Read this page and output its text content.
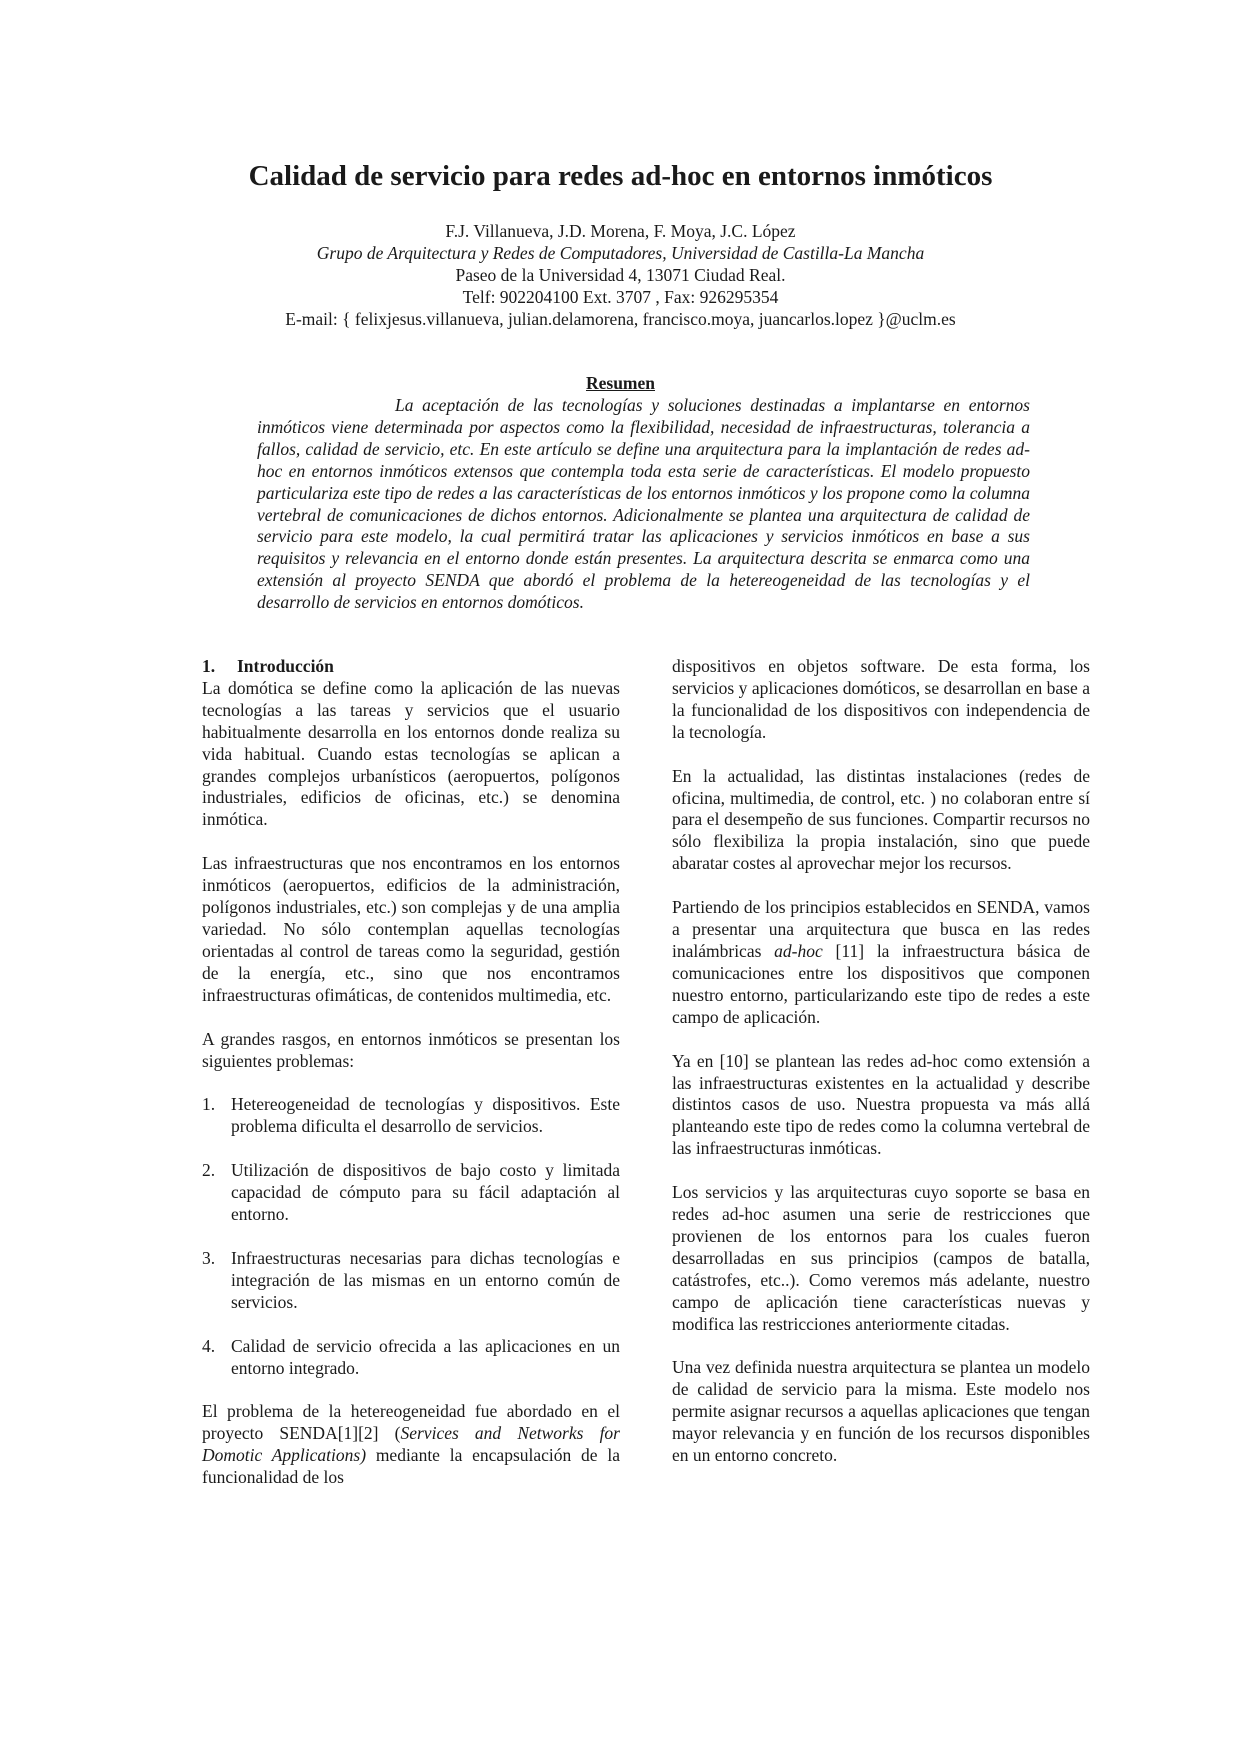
Calidad de servicio para redes ad-hoc en entornos inmóticos
F.J. Villanueva, J.D. Morena, F. Moya, J.C. López
Grupo de Arquitectura y Redes de Computadores, Universidad de Castilla-La Mancha
Paseo de la Universidad 4, 13071 Ciudad Real.
Telf: 902204100 Ext. 3707 , Fax: 926295354
E-mail: { felixjesus.villanueva, julian.delamorena, francisco.moya, juancarlos.lopez }@uclm.es
Resumen

La aceptación de las tecnologías y soluciones destinadas a implantarse en entornos inmóticos viene determinada por aspectos como la flexibilidad, necesidad de infraestructuras, tolerancia a fallos, calidad de servicio, etc. En este artículo se define una arquitectura para la implantación de redes ad-hoc en entornos inmóticos extensos que contempla toda esta serie de características. El modelo propuesto particulariza este tipo de redes a las características de los entornos inmóticos y los propone como la columna vertebral de comunicaciones de dichos entornos. Adicionalmente se plantea una arquitectura de calidad de servicio para este modelo, la cual permitirá tratar las aplicaciones y servicios inmóticos en base a sus requisitos y relevancia en el entorno donde están presentes. La arquitectura descrita se enmarca como una extensión al proyecto SENDA que abordó el problema de la hetereogeneidad de las tecnologías y el desarrollo de servicios en entornos domóticos.

1. Introducción

La domótica se define como la aplicación de las nuevas tecnologías a las tareas y servicios que el usuario habitualmente desarrolla en los entornos donde realiza su vida habitual. Cuando estas tecnologías se aplican a grandes complejos urbanísticos (aeropuertos, polígonos industriales, edificios de oficinas, etc.) se denomina inmótica.

Las infraestructuras que nos encontramos en los entornos inmóticos (aeropuertos, edificios de la administración, polígonos industriales, etc.) son complejas y de una amplia variedad. No sólo contemplan aquellas tecnologías orientadas al control de tareas como la seguridad, gestión de la energía, etc., sino que nos encontramos infraestructuras ofimáticas, de contenidos multimedia, etc.

A grandes rasgos, en entornos inmóticos se presentan los siguientes problemas:

1. Hetereogeneidad de tecnologías y dispositivos. Este problema dificulta el desarrollo de servicios.
2. Utilización de dispositivos de bajo costo y limitada capacidad de cómputo para su fácil adaptación al entorno.
3. Infraestructuras necesarias para dichas tecnologías e integración de las mismas en un entorno común de servicios.
4. Calidad de servicio ofrecida a las aplicaciones en un entorno integrado.

El problema de la hetereogeneidad fue abordado en el proyecto SENDA[1][2] (Services and Networks for Domotic Applications) mediante la encapsulación de la funcionalidad de los

dispositivos en objetos software. De esta forma, los servicios y aplicaciones domóticos, se desarrollan en base a la funcionalidad de los dispositivos con independencia de la tecnología.

En la actualidad, las distintas instalaciones (redes de oficina, multimedia, de control, etc. ) no colaboran entre sí para el desempeño de sus funciones. Compartir recursos no sólo flexibiliza la propia instalación, sino que puede abaratar costes al aprovechar mejor los recursos.

Partiendo de los principios establecidos en SENDA, vamos a presentar una arquitectura que busca en las redes inalámbricas ad-hoc [11] la infraestructura básica de comunicaciones entre los dispositivos que componen nuestro entorno, particularizando este tipo de redes a este campo de aplicación.

Ya en [10] se plantean las redes ad-hoc como extensión a las infraestructuras existentes en la actualidad y describe distintos casos de uso. Nuestra propuesta va más allá planteando este tipo de redes como la columna vertebral de las infraestructuras inmóticas.

Los servicios y las arquitecturas cuyo soporte se basa en redes ad-hoc asumen una serie de restricciones que provienen de los entornos para los cuales fueron desarrolladas en sus principios (campos de batalla, catástrofes, etc..). Como veremos más adelante, nuestro campo de aplicación tiene características nuevas y modifica las restricciones anteriormente citadas.

Una vez definida nuestra arquitectura se plantea un modelo de calidad de servicio para la misma. Este modelo nos permite asignar recursos a aquellas aplicaciones que tengan mayor relevancia y en función de los recursos disponibles en un entorno concreto.
